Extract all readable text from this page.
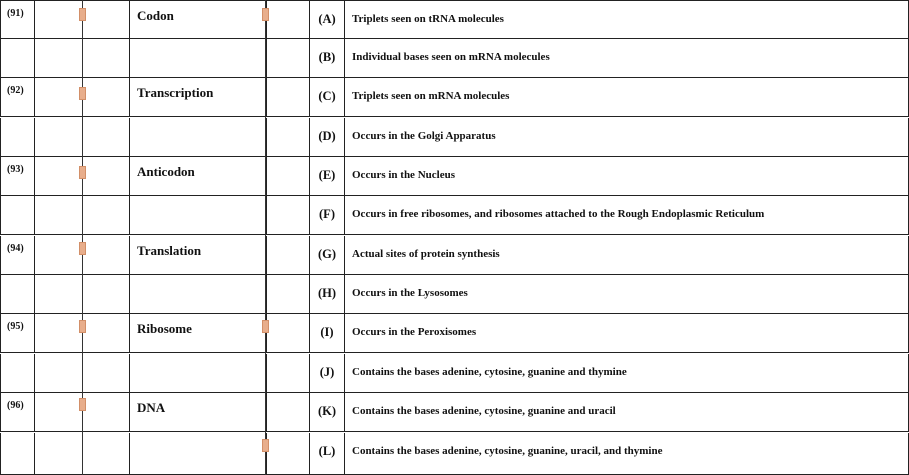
(91)	Codon	(A)	Triplets seen on tRNA molecules
(B)	Individual bases seen on mRNA molecules
(92)	Transcription	(C)	Triplets seen on mRNA molecules
(D)	Occurs in the Golgi Apparatus
(93)	Anticodon	(E)	Occurs in the Nucleus
(F)	Occurs in free ribosomes, and ribosomes attached to the Rough Endoplasmic Reticulum
(94)	Translation	(G)	Actual sites of protein synthesis
(H)	Occurs in the Lysosomes
(95)	Ribosome	(I)	Occurs in the Peroxisomes
(J)	Contains the bases adenine, cytosine, guanine and thymine
(96)	DNA	(K)	Contains the bases adenine, cytosine, guanine and uracil
(L)	Contains the bases adenine, cytosine, guanine, uracil, and thymine
